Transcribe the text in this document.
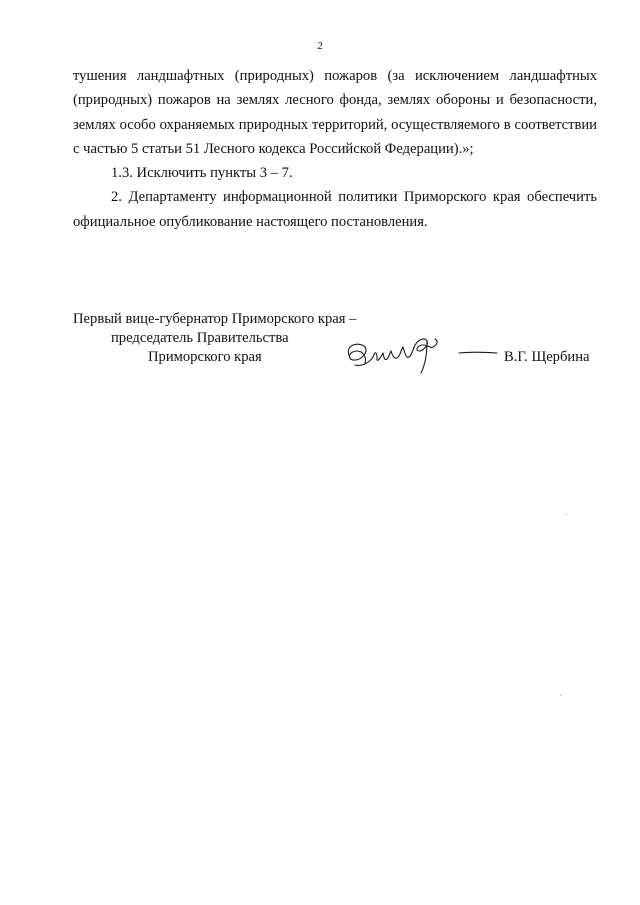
2

тушения ландшафтных (природных) пожаров (за исключением ландшафтных (природных) пожаров на землях лесного фонда, землях обороны и безопасности, землях особо охраняемых природных территорий, осуществляемого в соответствии с частью 5 статьи 51 Лесного кодекса Российской Федерации).»;

1.3. Исключить пункты 3 – 7.

2. Департаменту информационной политики Приморского края обеспечить официальное опубликование настоящего постановления.

Первый вице-губернатор Приморского края –
председатель Правительства
Приморского края	В.Г. Щербина
